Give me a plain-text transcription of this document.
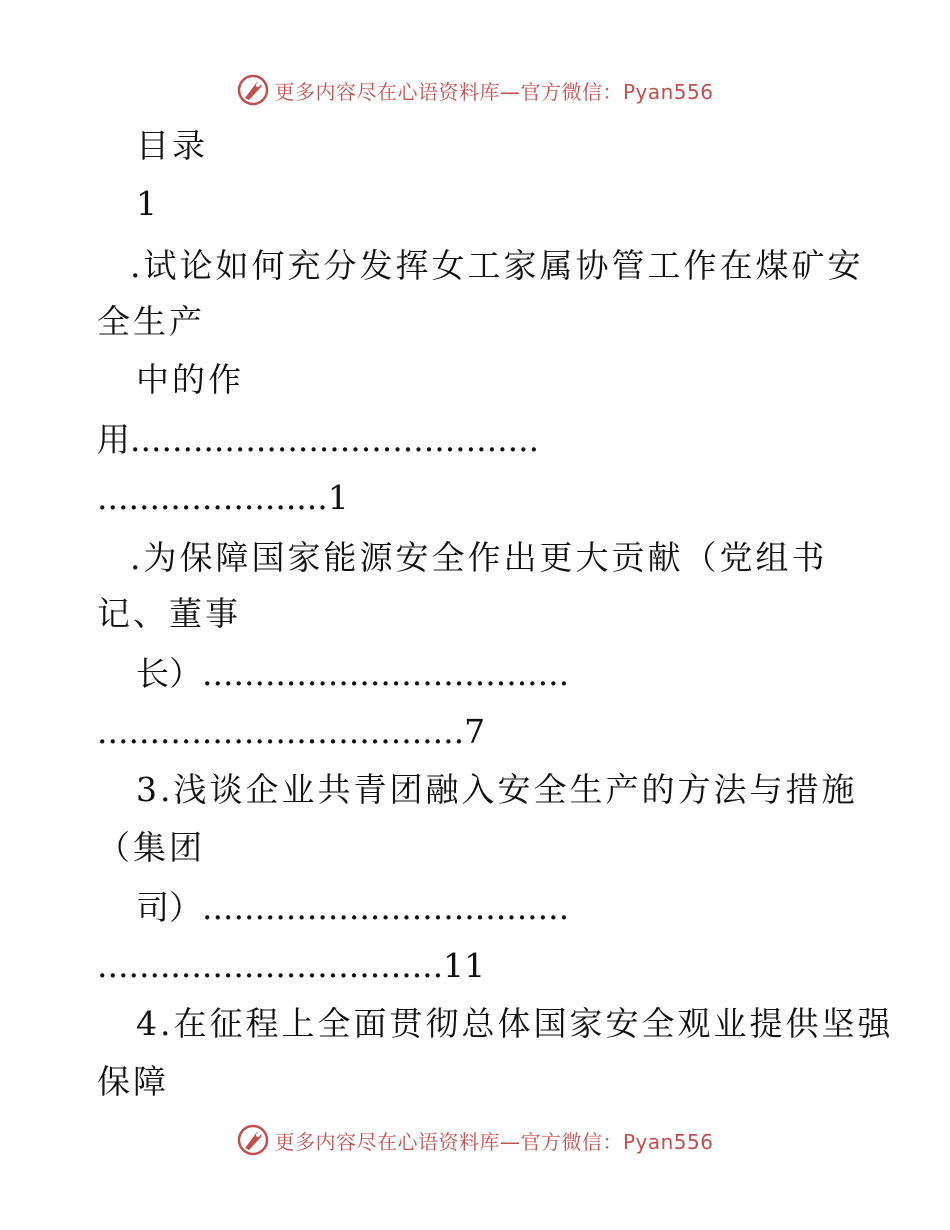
更多内容尽在心语资料库—官方微信：Pyan556
目录
1
.试论如何充分发挥女工家属协管工作在煤矿安
全生产
中的作
用.......................................
......................1
.为保障国家能源安全作出更大贡献（党组书
记、董事
长）...................................
...................................7
3.浅谈企业共青团融入安全生产的方法与措施
（集团
司）...................................
.................................11
4.在征程上全面贯彻总体国家安全观业提供坚强
保障
更多内容尽在心语资料库—官方微信：Pyan556
